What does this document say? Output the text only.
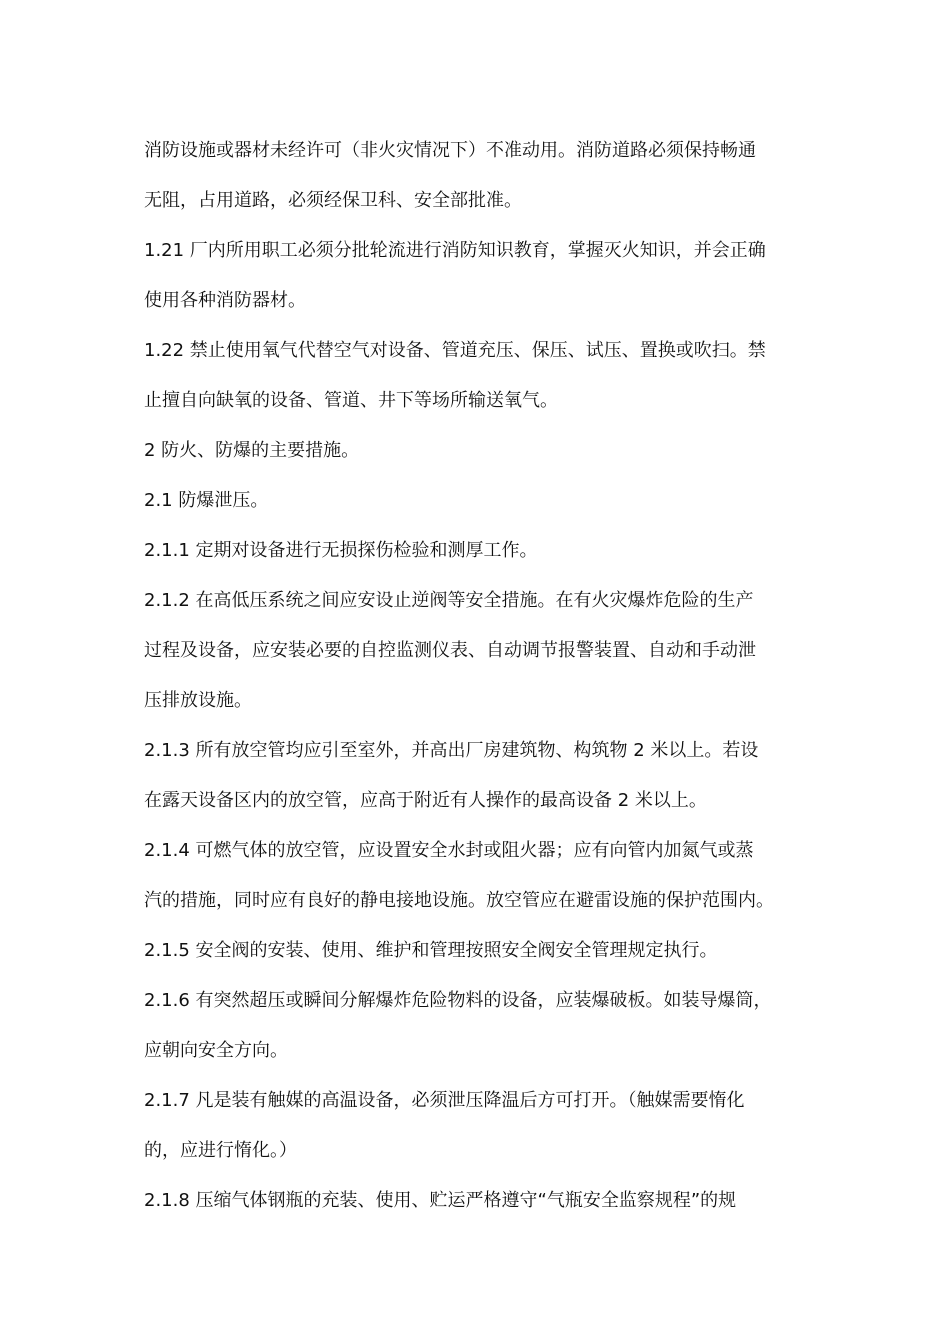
消防设施或器材未经许可（非火灾情况下）不准动用。消防道路必须保持畅通
无阻，占用道路，必须经保卫科、安全部批准。
1.21 厂内所用职工必须分批轮流进行消防知识教育，掌握灭火知识，并会正确
使用各种消防器材。
1.22 禁止使用氧气代替空气对设备、管道充压、保压、试压、置换或吹扫。禁
止擅自向缺氧的设备、管道、井下等场所输送氧气。
2 防火、防爆的主要措施。
2.1 防爆泄压。
2.1.1 定期对设备进行无损探伤检验和测厚工作。
2.1.2 在高低压系统之间应安设止逆阀等安全措施。在有火灾爆炸危险的生产
过程及设备，应安装必要的自控监测仪表、自动调节报警装置、自动和手动泄
压排放设施。
2.1.3 所有放空管均应引至室外，并高出厂房建筑物、构筑物 2 米以上。若设
在露天设备区内的放空管，应高于附近有人操作的最高设备 2 米以上。
2.1.4 可燃气体的放空管，应设置安全水封或阻火器；应有向管内加氮气或蒸
汽的措施，同时应有良好的静电接地设施。放空管应在避雷设施的保护范围内。
2.1.5 安全阀的安装、使用、维护和管理按照安全阀安全管理规定执行。
2.1.6 有突然超压或瞬间分解爆炸危险物料的设备，应装爆破板。如装导爆筒，
应朝向安全方向。
2.1.7 凡是装有触媒的高温设备，必须泄压降温后方可打开。（触媒需要惰化
的，应进行惰化。）
2.1.8 压缩气体钢瓶的充装、使用、贮运严格遵守“气瓶安全监察规程”的规
